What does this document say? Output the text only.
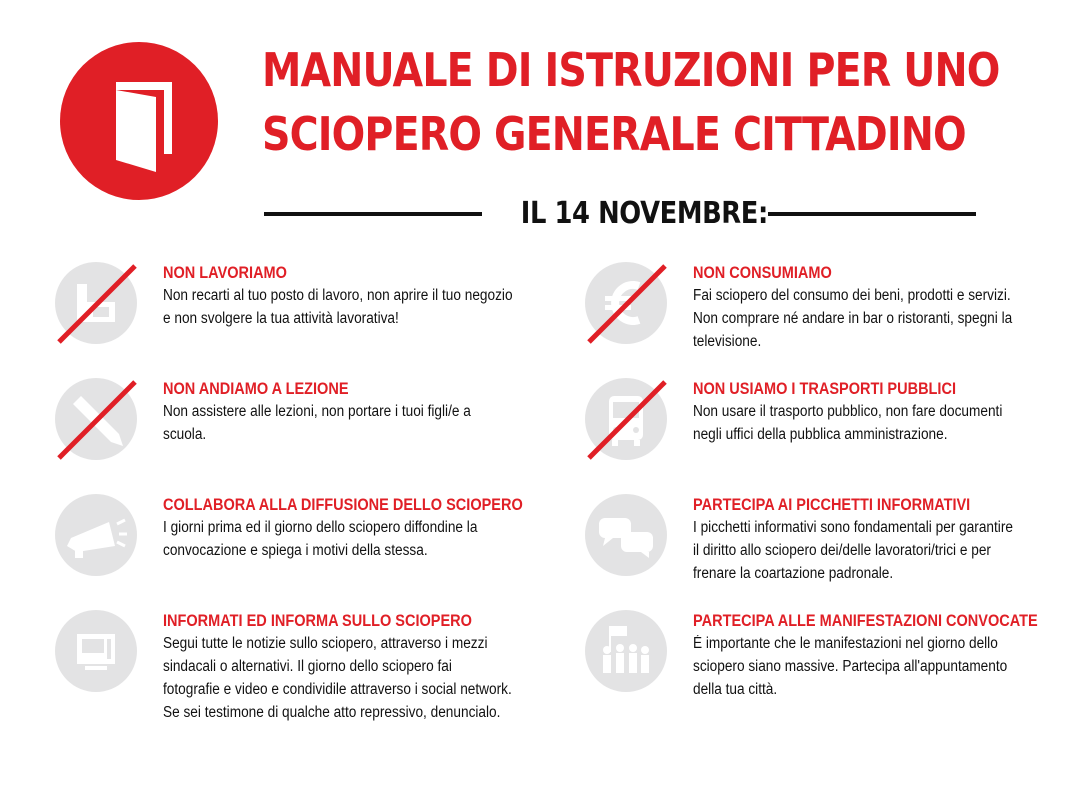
MANUALE DI ISTRUZIONI PER UNO
SCIOPERO GENERALE CITTADINO
IL 14 NOVEMBRE:

NON LAVORIAMO

Non recarti al tuo posto di lavoro, non aprire il tuo negozio
e non svolgere la tua attività lavorativa!

NON ANDIAMO A LEZIONE

Non assistere alle lezioni, non portare i tuoi figli/e a
scuola.

COLLABORA ALLA DIFFUSIONE DELLO SCIOPERO

I giorni prima ed il giorno dello sciopero diffondine la
convocazione e spiega i motivi della stessa.

INFORMATI ED INFORMA SULLO SCIOPERO

Segui tutte le notizie sullo sciopero, attraverso i mezzi
sindacali o alternativi. Il giorno dello sciopero fai
fotografie e video e condividile attraverso i social network.
Se sei testimone di qualche atto repressivo, denuncialo.

NON CONSUMIAMO

Fai sciopero del consumo dei beni, prodotti e servizi.
Non comprare né andare in bar o ristoranti, spegni la
televisione.

NON USIAMO I TRASPORTI PUBBLICI

Non usare il trasporto pubblico, non fare documenti
negli uffici della pubblica amministrazione.

PARTECIPA AI PICCHETTI INFORMATIVI

I picchetti informativi sono fondamentali per garantire
il diritto allo sciopero dei/delle lavoratori/trici e per
frenare la coartazione padronale.

PARTECIPA ALLE MANIFESTAZIONI CONVOCATE

É importante che le manifestazioni nel giorno dello
sciopero siano massive. Partecipa all'appuntamento
della tua città.
